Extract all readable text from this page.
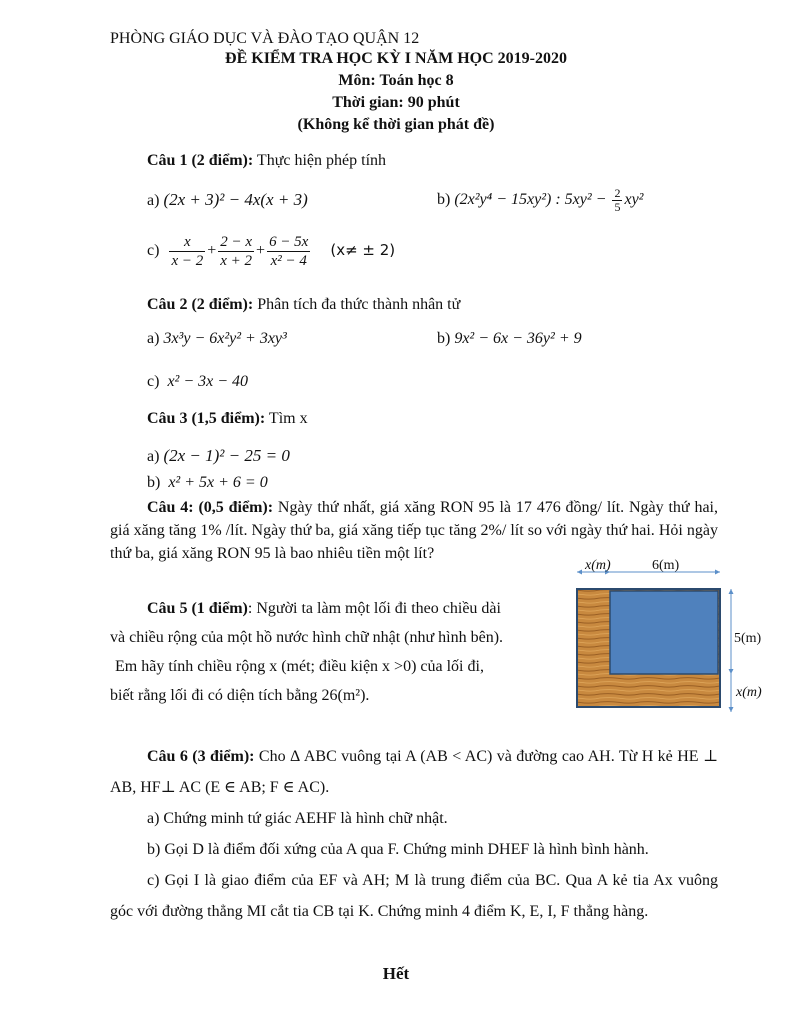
PHÒNG GIÁO DỤC VÀ ĐÀO TẠO QUẬN 12
ĐỀ KIỂM TRA HỌC KỲ I NĂM HỌC 2019-2020
Môn: Toán học 8
Thời gian: 90 phút
(Không kể thời gian phát đề)
Câu 1 (2 điểm): Thực hiện phép tính
a) (2x + 3)² − 4x(x + 3)	b) (2x²y⁴ − 15xy²) : $5xy^2 - \frac{2}{5} xy^2$
$c) \frac{x}{x - 2} + \frac{2 - x}{x + 2} + \frac{6 - 5x}{\text{x² − 4}} (x\ne \pm 2)$
Câu 2 (2 điểm): Phân tích đa thức thành nhân tử
a) 3x³y − 6x²y² + 3xy³	b) 9x² − 6x − 36y² + 9
c) x² − 3x − 40
Câu 3 (1,5 điểm): Tìm x
a) (2x − 1)² − 25 = 0
b) x² + 5x + 6 = 0
Câu 4: (0,5 điểm): Ngày thứ nhất, giá xăng RON 95 là 17 476 đồng/ lít. Ngày thứ hai, giá xăng tăng 1% /lít. Ngày thứ ba, giá xăng tiếp tục tăng 2%/ lít so với ngày thứ hai. Hỏi ngày thứ ba, giá xăng RON 95 là bao nhiêu tiền một lít?
Câu 5 (1 điểm): Người ta làm một lối đi theo chiều dài
và chiều rộng của một hồ nước hình chữ nhật (như hình bên).
Em hãy tính chiều rộng x (mét; điều kiện x >0) của lối đi,
biết rằng lối đi có diện tích bằng 26(m²).
x(m)	6(m)
5(m)
x(m)
Câu 6 (3 điểm): Cho Δ ABC vuông tại A (AB < AC) và đường cao AH. Từ H kẻ HE ⊥ AB, HF⊥ AC (E ∈ AB; F ∈ AC).
a) Chứng minh tứ giác AEHF là hình chữ nhật.
b) Gọi D là điểm đối xứng của A qua F. Chứng minh DHEF là hình bình hành.
c) Gọi I là giao điểm của EF và AH; M là trung điểm của BC. Qua A kẻ tia Ax vuông góc với đường thẳng MI cắt tia CB tại K. Chứng minh 4 điểm K, E, I, F thẳng hàng.
Hết
